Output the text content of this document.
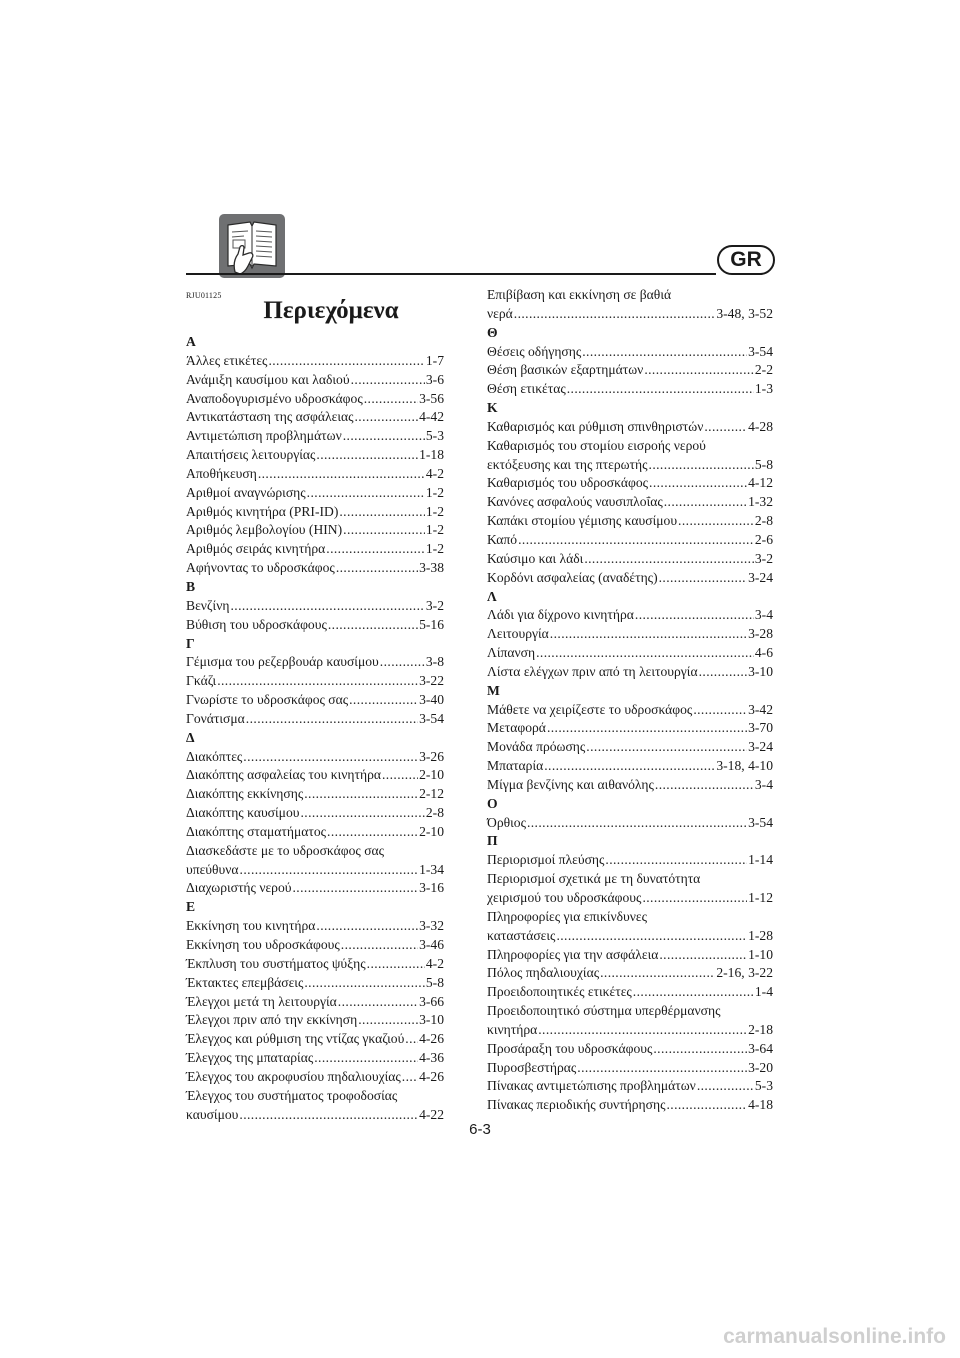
GR
RJU01125
Περιεχόμενα
Α
Άλλες ετικέτες .....	1-7
Ανάμιξη καυσίμου και λαδιού .....	3-6
Αναποδογυρισμένο υδροσκάφος .....	3-56
Αντικατάσταση της ασφάλειας .....	4-42
Αντιμετώπιση προβλημάτων .....	5-3
Απαιτήσεις λειτουργίας .....	1-18
Αποθήκευση .....	4-2
Αριθμοί αναγνώρισης .....	1-2
Αριθμός κινητήρα (PRI-ID) .....	1-2
Αριθμός λεμβολογίου (HIN) .....	1-2
Αριθμός σειράς κινητήρα .....	1-2
Αφήνοντας το υδροσκάφος .....	3-38
Β
Βενζίνη .....	3-2
Βύθιση του υδροσκάφους .....	5-16
Γ
Γέμισμα του ρεζερβουάρ καυσίμου .....	3-8
Γκάζι .....	3-22
Γνωρίστε το υδροσκάφος σας .....	3-40
Γονάτισμα .....	3-54
Δ
Διακόπτες .....	3-26
Διακόπτης ασφαλείας του κινητήρα .....	2-10
Διακόπτης εκκίνησης .....	2-12
Διακόπτης καυσίμου .....	2-8
Διακόπτης σταματήματος .....	2-10
Διασκεδάστε με το υδροσκάφος σας
υπεύθυνα .....	1-34
Διαχωριστής νερού .....	3-16
Ε
Εκκίνηση του κινητήρα .....	3-32
Εκκίνηση του υδροσκάφους .....	3-46
Έκπλυση του συστήματος ψύξης .....	4-2
Έκτακτες επεμβάσεις .....	5-8
Έλεγχοι μετά τη λειτουργία .....	3-66
Έλεγχοι πριν από την εκκίνηση .....	3-10
Έλεγχος και ρύθμιση της ντίζας γκαζιού ..... 4-26
Έλεγχος της μπαταρίας .....	4-36
Έλεγχος του ακροφυσίου πηδαλιουχίας ..... 4-26
Έλεγχος του συστήματος τροφοδοσίας
καυσίμου .....	4-22
Επιβίβαση και εκκίνηση σε βαθιά
νερά .....	3-48, 3-52
Θ
Θέσεις οδήγησης .....	3-54
Θέση βασικών εξαρτημάτων .....	2-2
Θέση ετικέτας .....	1-3
Κ
Καθαρισμός και ρύθμιση σπινθηριστών .....	4-28
Καθαρισμός του στομίου εισροής νερού
εκτόξευσης και της πτερωτής .....	5-8
Καθαρισμός του υδροσκάφος .....	4-12
Κανόνες ασφαλούς ναυσιπλοΐας .....	1-32
Καπάκι στομίου γέμισης καυσίμου .....	2-8
Καπό .....	2-6
Καύσιμο και λάδι .....	3-2
Κορδόνι ασφαλείας (αναδέτης) .....	3-24
Λ
Λάδι για δίχρονο κινητήρα .....	3-4
Λειτουργία .....	3-28
Λίπανση .....	4-6
Λίστα ελέγχων πριν από τη λειτουργία .....	3-10
Μ
Μάθετε να χειρίζεστε το υδροσκάφος .....	3-42
Μεταφορά .....	3-70
Μονάδα πρόωσης .....	3-24
Μπαταρία .....	3-18, 4-10
Μίγμα βενζίνης και αιθανόλης .....	3-4
Ο
Όρθιος .....	3-54
Π
Περιορισμοί πλεύσης .....	1-14
Περιορισμοί σχετικά με τη δυνατότητα
χειρισμού του υδροσκάφους .....	1-12
Πληροφορίες για επικίνδυνες
καταστάσεις .....	1-28
Πληροφορίες για την ασφάλεια .....	1-10
Πόλος πηδαλιουχίας .....	2-16, 3-22
Προειδοποιητικές ετικέτες .....	1-4
Προειδοποιητικό σύστημα υπερθέρμανσης
κινητήρα .....	2-18
Προσάραξη του υδροσκάφους .....	3-64
Πυροσβεστήρας .....	3-20
Πίνακας αντιμετώπισης προβλημάτων .....	5-3
Πίνακας περιοδικής συντήρησης .....	4-18
6-3
carmanualsonline.info
